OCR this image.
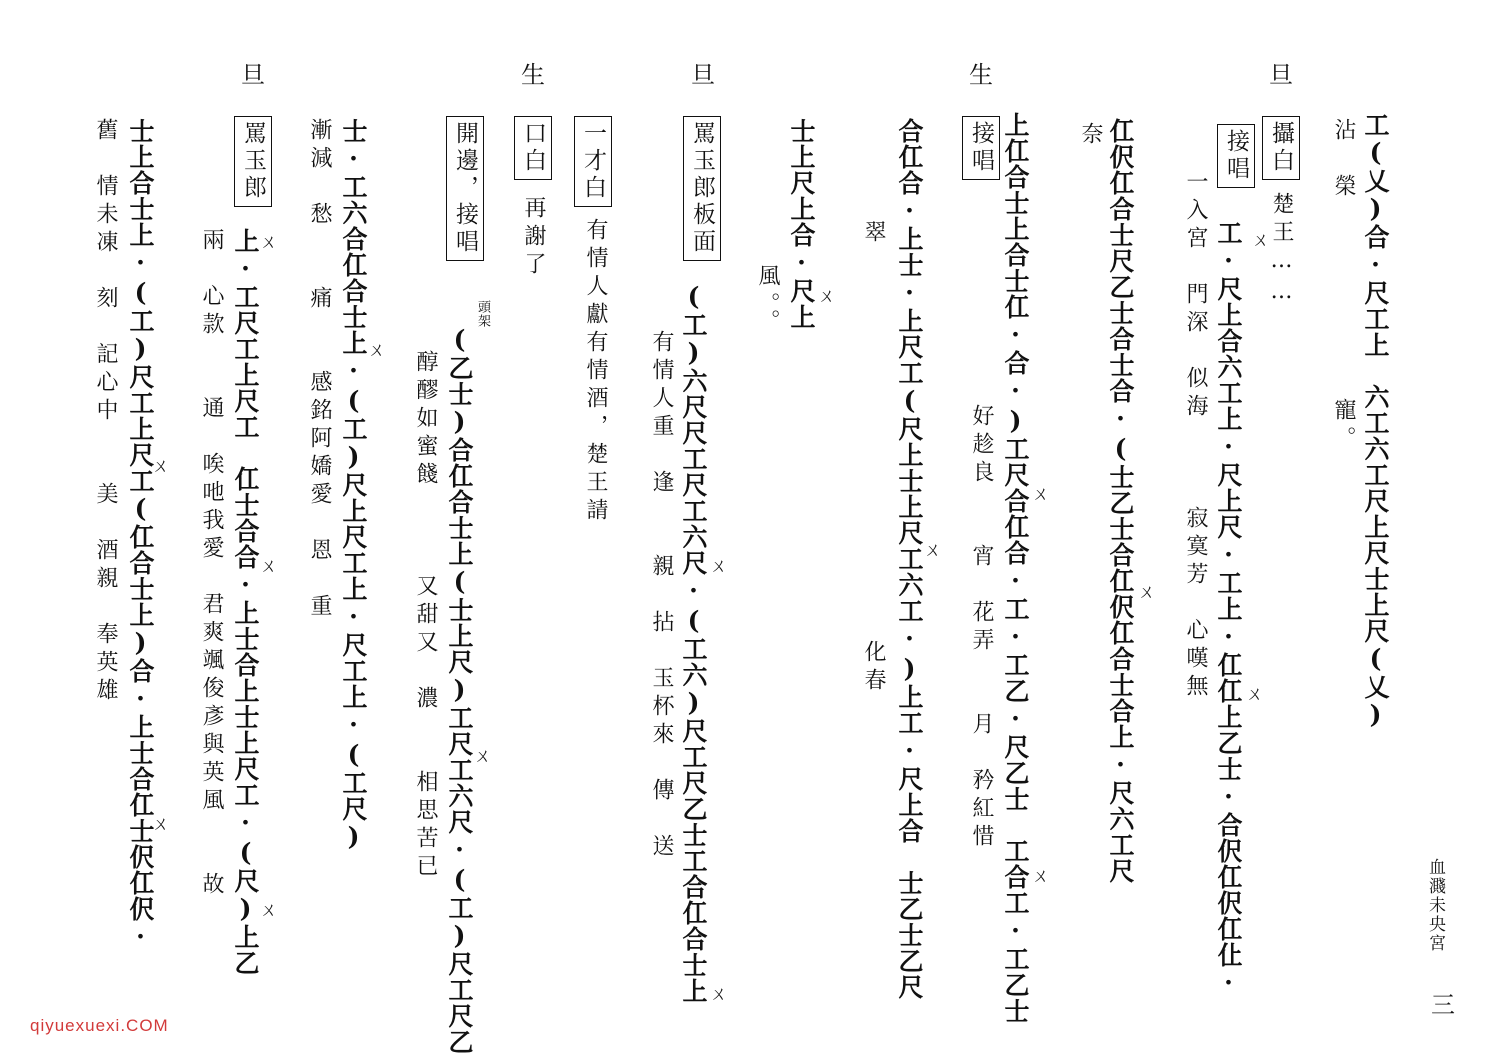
旦
生
旦
生
旦
工(乂)合·尺工上　六工六工尺上尺士上尺(乂)
沾　榮　　　　　　　寵。
攝白
楚王……
接唱
工·尺上合六工上·尺上尺·工上·仜仜上乙士·合伬仜伬仜仩·
一入宮　門深　似海　　　寂寞芳　心嘆無
奈 仜伬仜合士尺乙士合士合·(士乙士合仜伬仜合士合上·尺六工尺
接唱 上仜合士上合士仜·合·)工尺合仜合·工·工乙·尺乙士　工合工·工乙士
　　　　　　　　好趁良　　宵　花弄　　月　矜紅惜
合仜合·上士·上尺工(尺上士上尺工六工·)上工·尺上合　士乙士乙尺
翠　　　　　　　　　　　　　　化春
士上尺上合·尺上
　　　　風。。
罵玉郎板面
(工)六尺尺工尺工六尺·(工六)尺工尺乙士工合仜合士上
有情人重　逢　　親　拈　玉杯來　傳　送
一才白
有情人獻有情酒，楚王請
口白
再謝了
開邊，接唱
頭架
(乙士)合仜合士上(士上尺)工尺工六尺·(工)尺工尺乙
醇醪如蜜餞　　　又甜又　濃　　相思苦已
士·工六合仜合士上·(工)尺上尺工上·尺工上·(工尺)
漸減　愁　　痛　　感銘阿嬌愛　恩　重
罵玉郎
上·工尺工上尺工　仜士合合·上士合上士上尺工·(尺)上乙
兩　心款　　通　唉吔我愛　君爽颯俊彥與英風　　故
士上合士上·(工)尺工上尺工(仜合士上)合·上士合仜士伬仜伬·
舊　情未凍　刻　記心中　　美　酒親　奉英雄	ㄨ
ㄨ
ㄨ
ㄨ
ㄨ
ㄨ
ㄨ
ㄨ
ㄨ
ㄨ
ㄨ
ㄨ
ㄨ
ㄨ
ㄨ
ㄨ
血濺未央宮
三
qiyuexuexi.COM
